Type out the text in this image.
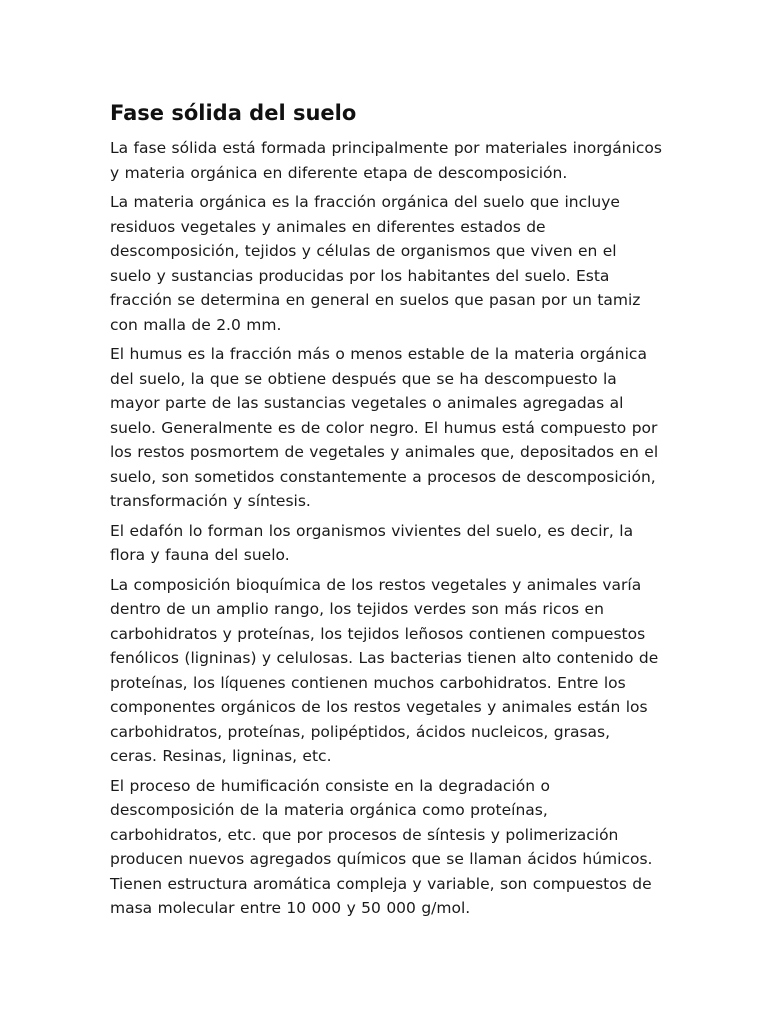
Fase sólida del suelo

La fase sólida está formada principalmente por materiales inorgánicos y materia orgánica en diferente etapa de descomposición.

La materia orgánica es la fracción orgánica del suelo que incluye residuos vegetales y animales en diferentes estados de descomposición, tejidos y células de organismos que viven en el suelo y sustancias producidas por los habitantes del suelo. Esta fracción se determina en general en suelos que pasan por un tamiz con malla de 2.0 mm.

El humus es la fracción más o menos estable de la materia orgánica del suelo, la que se obtiene después que se ha descompuesto la mayor parte de las sustancias vegetales o animales agregadas al suelo. Generalmente es de color negro. El humus está compuesto por los restos posmortem de vegetales y animales que, depositados en el suelo, son sometidos constantemente a procesos de descomposición, transformación y síntesis.

El edafón lo forman los organismos vivientes del suelo, es decir, la flora y fauna del suelo.

La composición bioquímica de los restos vegetales y animales varía dentro de un amplio rango, los tejidos verdes son más ricos en carbohidratos y proteínas, los tejidos leñosos contienen compuestos fenólicos (ligninas) y celulosas. Las bacterias tienen alto contenido de proteínas, los líquenes contienen muchos carbohidratos. Entre los componentes orgánicos de los restos vegetales y animales están los carbohidratos, proteínas, polipéptidos, ácidos nucleicos, grasas, ceras. Resinas, ligninas, etc.

El proceso de humificación consiste en la degradación o descomposición de la materia orgánica como proteínas, carbohidratos, etc. que por procesos de síntesis y polimerización producen nuevos agregados químicos que se llaman ácidos húmicos. Tienen estructura aromática compleja y variable, son compuestos de masa molecular entre 10 000 y 50 000 g/mol.
